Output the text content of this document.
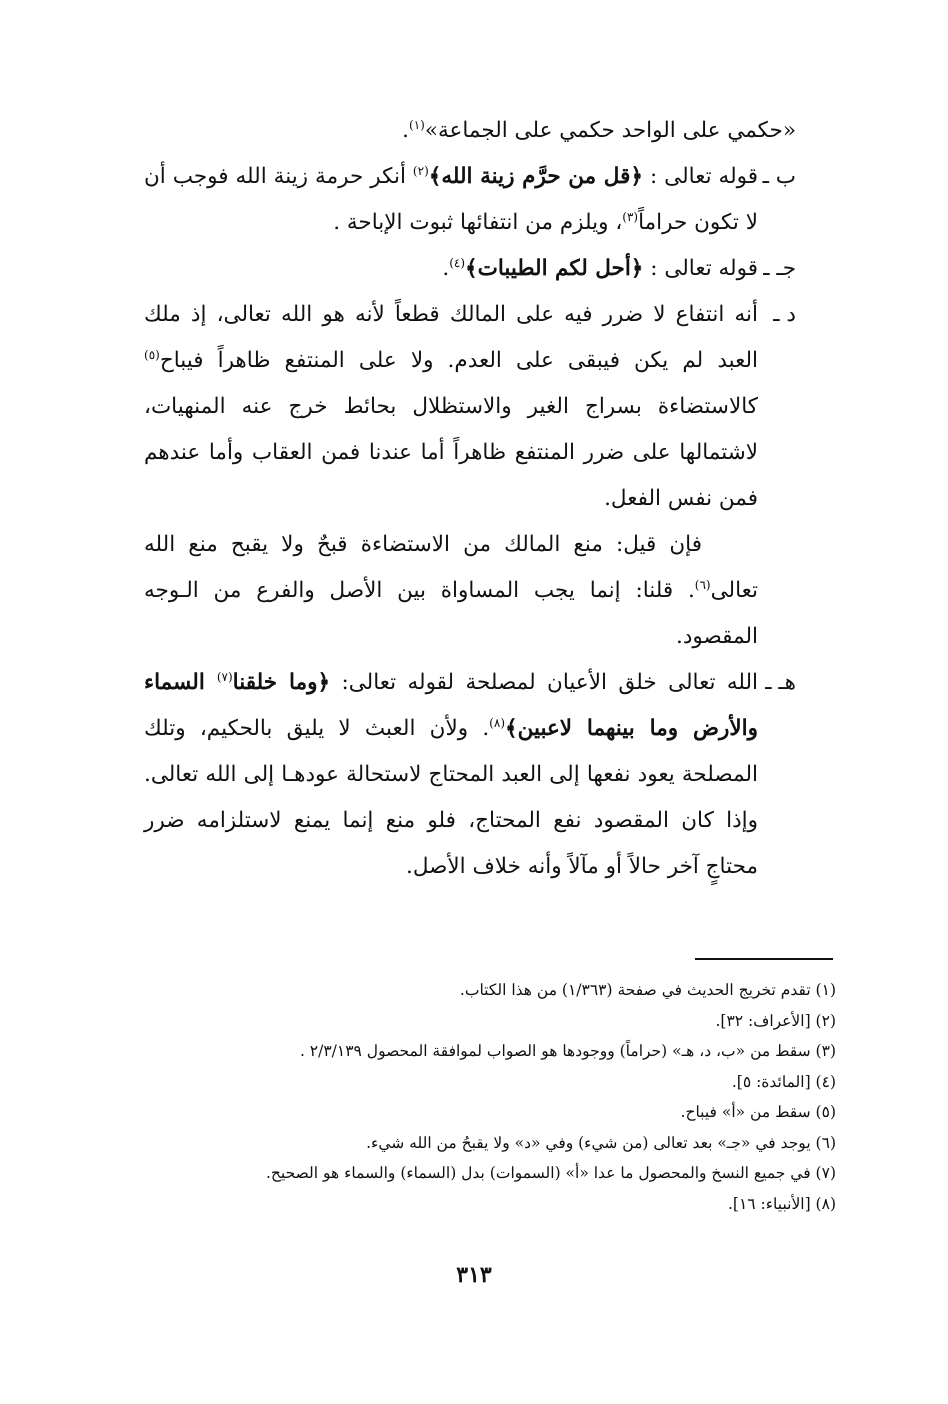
«حكمي على الواحد حكمي على الجماعة»$^{(١)}$.

ب ـ
قوله تعالى : ﴿قل من حرَّم زينة الله﴾$^{(٢)}$ أنكر حرمة زينة الله فوجب أن لا تكون حراماً$^{(٣)}$، ويلزم من انتفائها ثبوت الإباحة .
جـ ـ
قوله تعالى : ﴿أحل لكم الطيبات﴾$^{(٤)}$.
د ـ
أنه انتفاع لا ضرر فيه على المالك قطعاً لأنه هو الله تعالى، إذ ملك العبد لم يكن فيبقى على العدم. ولا على المنتفع ظاهراً فيباح$^{(٥)}$ كالاستضاءة بسراج الغير والاستظلال بحائط خرج عنه المنهيات، لاشتمالها على ضرر المنتفع ظاهراً أما عندنا فمن العقاب وأما عندهم فمن نفس الفعل.

فإن قيل: منع المالك من الاستضاءة قبحٌ ولا يقبح منع الله تعالى$^{(٦)}$. قلنا: إنما يجب المساواة بين الأصل والفرع من الـوجه المقصود.

هـ ـ
الله تعالى خلق الأعيان لمصلحة لقوله تعالى: ﴿وما خلقنا$^{(٧)}$ السماء والأرض وما بينهما لاعبين﴾$^{(٨)}$. ولأن العبث لا يليق بالحكيم، وتلك المصلحة يعود نفعها إلى العبد المحتاج لاستحالة عودهـا إلى الله تعالى. وإذا كان المقصود نفع المحتاج، فلو منع إنما يمنع لاستلزامه ضرر محتاجٍ آخر حالاً أو مآلاً وأنه خلاف الأصل.

(١) تقدم تخريج الحديث في صفحة (١/٣٦٣) من هذا الكتاب.

(٢) [الأعراف: ٣٢].

(٣) سقط من «ب، د، هـ» (حراماً) ووجودها هو الصواب لموافقة المحصول ٢/٣/١٣٩ .

(٤) [المائدة: ٥].

(٥) سقط من «أ» فيباح.

(٦) يوجد في «جـ» بعد تعالى (من شيء) وفي «د» ولا يقبحُ من الله شيء.

(٧) في جميع النسخ والمحصول ما عدا «أ» (السموات) بدل (السماء) والسماء هو الصحيح.

(٨) [الأنبياء: ١٦].

٣١٣
